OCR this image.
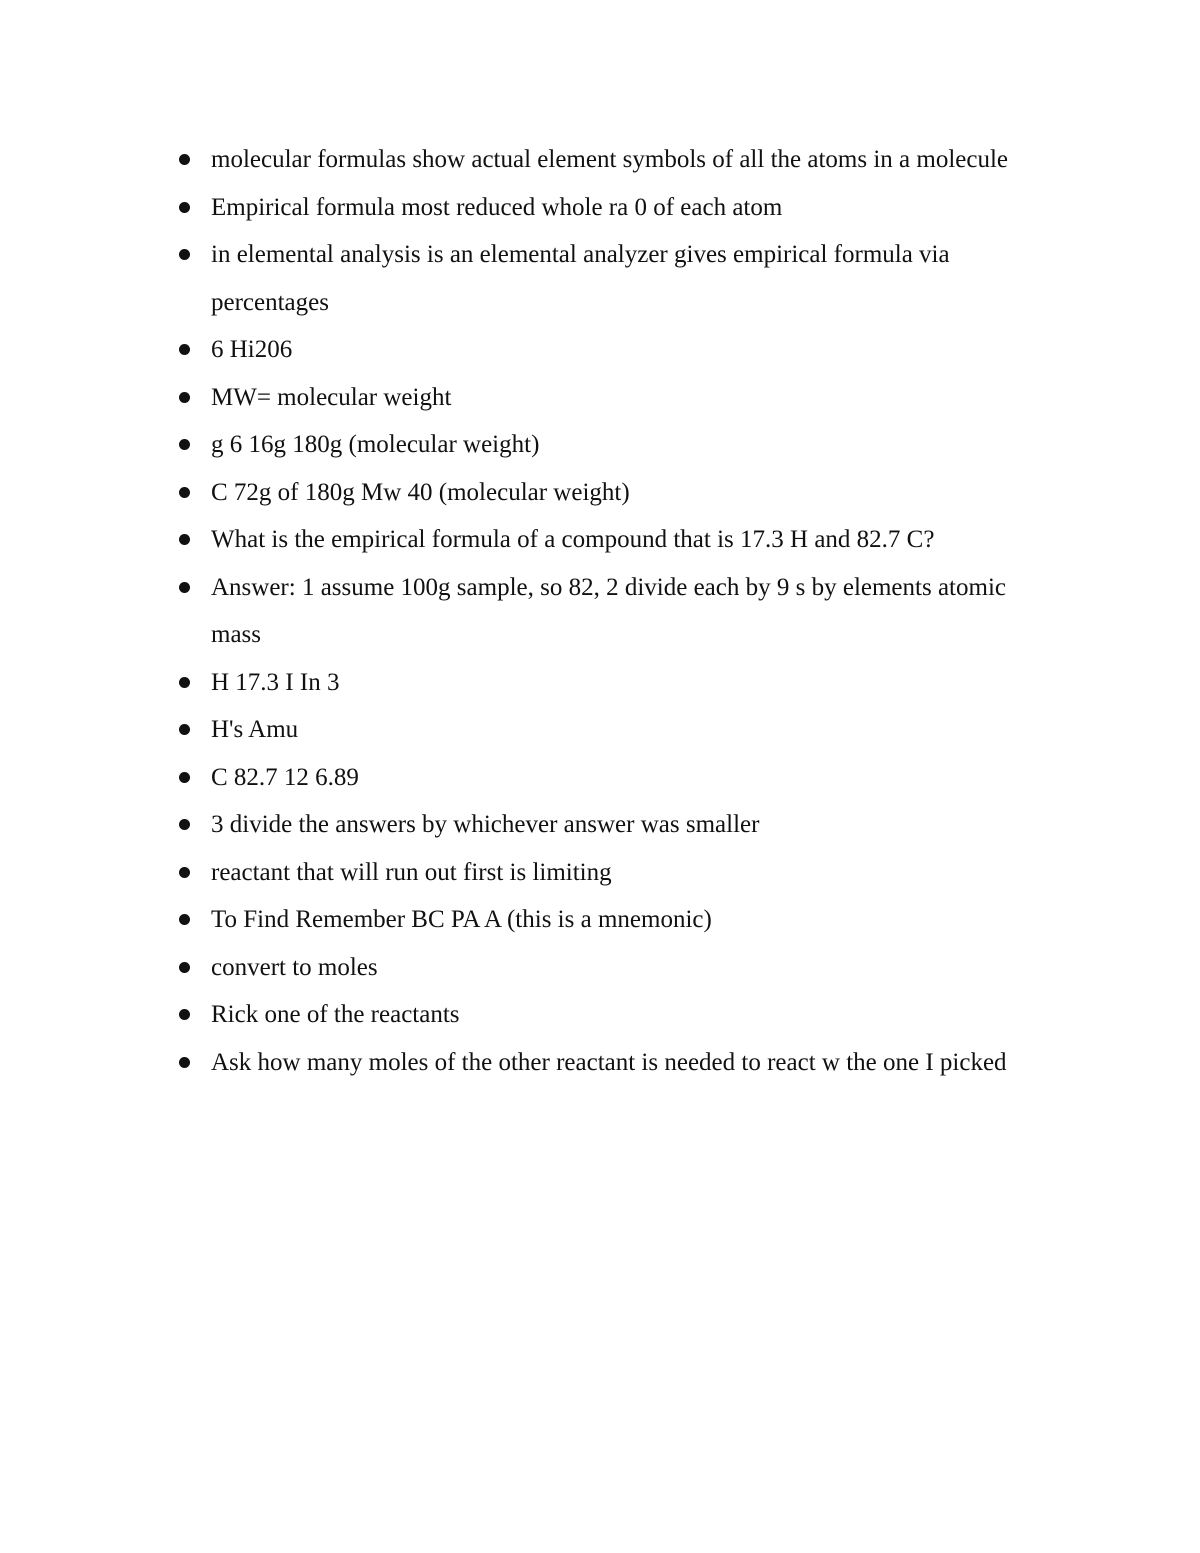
molecular formulas show actual element symbols of all the atoms in a molecule
Empirical formula most reduced whole ra 0 of each atom
in elemental analysis is an elemental analyzer gives empirical formula via percentages
6 Hi206
MW= molecular weight
g 6 16g 180g (molecular weight)
C 72g of 180g Mw 40 (molecular weight)
What is the empirical formula of a compound that is 17.3 H and 82.7 C?
Answer: 1 assume 100g sample, so 82, 2 divide each by 9 s by elements atomic mass
H 17.3 I In 3
H's Amu
C 82.7 12 6.89
3 divide the answers by whichever answer was smaller
reactant that will run out first is limiting
To Find Remember BC PA A (this is a mnemonic)
convert to moles
Rick one of the reactants
Ask how many moles of the other reactant is needed to react w the one I picked
